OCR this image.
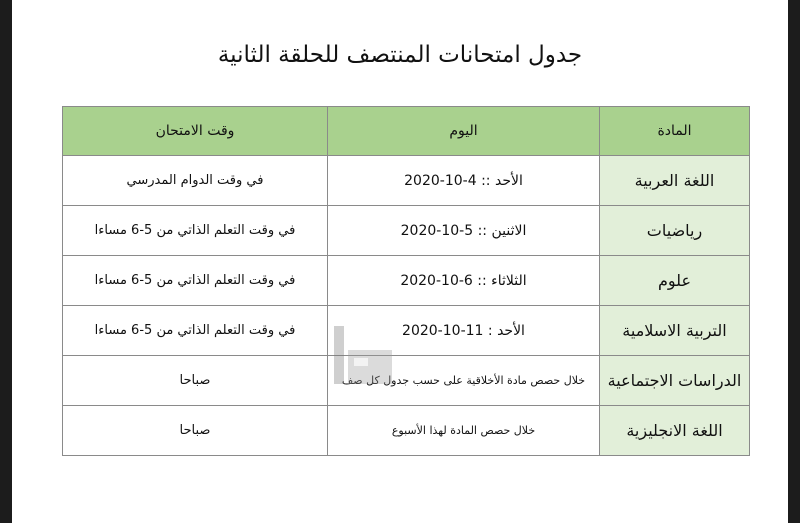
جدول امتحانات المنتصف للحلقة الثانية
المادة	اليوم	وقت الامتحان
اللغة العربية	الأحد :: 4-10-2020	في وقت الدوام المدرسي
رياضيات	الاثنين :: 5-10-2020	في وقت التعلم الذاتي من 5-6 مساءا
علوم	الثلاثاء :: 6-10-2020	في وقت التعلم الذاتي من 5-6 مساءا
التربية الاسلامية	الأحد : 11-10-2020	في وقت التعلم الذاتي من 5-6 مساءا
الدراسات الاجتماعية	خلال حصص مادة الأخلاقية على حسب جدول كل صف	صباحا
اللغة الانجليزية	خلال حصص المادة لهذا الأسبوع	صباحا
